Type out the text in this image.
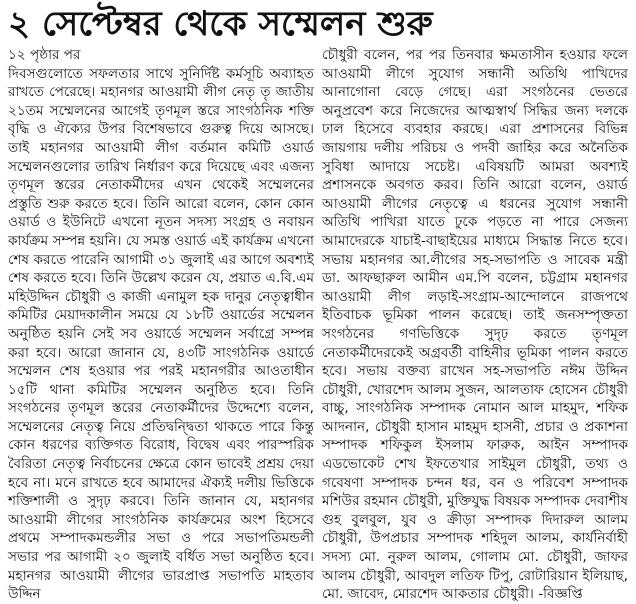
২ সেপ্টেম্বর থেকে সম্মেলন শুরু

১২ পৃষ্ঠার পর

দিবসগুলোতে সফলতার সাথে সুনির্দিষ্ট কর্মসূচি অব্যাহত রাখতে পেরেছে। মহানগর আওয়ামী লীগ নেতৃ তৃ জাতীয় ২১তম সম্মেলনের আগেই তৃণমূল স্তরে সাংগঠনিক শক্তি বৃদ্ধি ও ঐক্যের উপর বিশেষভাবে গুরুত্ব দিয়ে আসছে। তাই মহানগর আওয়ামী লীগ বর্তমান কমিটি ওয়ার্ড সম্মেলনগুলোর তারিখ নির্ধারণ করে দিয়েছে এবং এজন্য তৃণমূল স্তরের নেতাকর্মীদের এখন থেকেই সম্মেলনের প্রস্তুতি শুরু করতে হবে। তিনি আরো বলেন, কোন কোন ওয়ার্ড ও ইউনিটে এখনো নূতন সদস্য সংগ্রহ ও নবায়ন কার্যক্রম সম্পন্ন হয়নি। যে সমস্ত ওয়ার্ড এই কার্যক্রম এখনো শেষ করতে পারেনি আগামী ৩১ জুলাই এর আগে অবশ্যই শেষ করতে হবে। তিনি উল্লেখ করেন যে, প্রয়াত এ.বি.এম মহিউদ্দিন চৌধুরী ও কাজী এনামুল হক দানুর নেতৃত্বাধীন কমিটির মেয়াদকালীন সময়ে যে ১৮টি ওয়ার্ডের সম্মেলন অনুষ্ঠিত হয়নি সেই সব ওয়ার্ডে সম্মেলন সর্বাগ্রে সম্পন্ন করা হবে। আরো জানান যে, ৪৩টি সাংগঠনিক ওয়ার্ডে সম্মেলন শেষ হওয়ার পর পরই মহানগরীর আওতাধীন ১৫টি থানা কমিটির সম্মেলন অনুষ্ঠিত হবে। তিনি সংগঠনের তৃণমূল স্তরের নেতাকর্মীদের উদ্দেশ্যে বলেন, সম্মেলনের নেতৃত্ব নিয়ে প্রতিদ্বন্দ্বিতা থাকতে পারে কিন্তু কোন ধরণের ব্যক্তিগত বিরোধ, বিদ্বেষ এবং পারস্পরিক বৈরিতা নেতৃত্ব নির্বাচনের ক্ষেত্রে কোন ভাবেই প্রশ্রয় দেয়া হবে না। মনে রাখতে হবে আমাদের ঐক্যই দলীয় ভিত্তিকে শক্তিশালী ও সুদৃঢ় করবে। তিনি জানান যে, মহানগর আওয়ামী লীগের সাংগঠনিক কার্যক্রমের অংশ হিসেবে প্রথমে সম্পাদকমন্ডলীর সভা ও পরে সভাপতিমন্ডলী সভার পর আগামী ২০ জুলাই বর্ধিত সভা অনুষ্ঠিত হবে। মহানগর আওয়ামী লীগের ভারপ্রাপ্ত সভাপতি মাহতাব উদ্দিন

চৌধুরী বলেন, পর পর তিনবার ক্ষমতাসীন হওয়ার ফলে আওয়ামী লীগে সুযোগ সন্ধানী অতিথি পাখিদের আনাগোনা বেড়ে গেছে। এরা সংগঠনের ভেতরে অনুপ্রবেশ করে নিজেদের আত্মস্বার্থ সিদ্ধির জন্য দলকে ঢাল হিসেবে ব্যবহার করছে। এরা প্রশাসনের বিভিন্ন জায়গায় দলীয় পরিচয় ও পদবী জাহির করে অনৈতিক সুবিধা আদায়ে সচেষ্ট। এবিষয়টি আমরা অবশ্যই প্রশাসনকে অবগত করব। তিনি আরো বলেন, ওয়ার্ড আওয়ামী লীগের নেতৃত্বে এ ধরনের সুযোগ সন্ধানী অতিথি পাখিরা যাতে ঢুকে পড়তে না পারে সেজন্য আমাদেরকে যাচাই-বাছাইয়ের মাধ্যমে সিদ্ধান্ত নিতে হবে। সভায় মহানগর আ.লীগের সহ-সভাপতি ও সাবেক মন্ত্রী ডা. আফছারুল আমীন এম.পি বলেন, চট্টগ্রাম মহানগর আওয়ামী লীগ লড়াই-সংগ্রাম-আন্দোলনে রাজপথে ইতিবাচক ভূমিকা পালন করেছে। তাই জনসম্পৃক্ততা সংগঠনের গণভিত্তিকে সুদৃঢ় করতে তৃণমূল নেতাকর্মীদেরকেই অগ্রবর্তী বাহিনীর ভূমিকা পালন করতে হবে। সভায় বক্তব্য রাখেন সহ-সভাপতি নঈম উদ্দিন চৌধুরী, খোরশেদ আলম সুজন, আলতাফ হোসেন চৌধুরী বাচ্চু, সাংগঠনিক সম্পাদক নোমান আল মাহমুদ, শফিক আদনান, চৌধুরী হাসান মাহমুদ হাসনী, প্রচার ও প্রকাশনা সম্পাদক শফিকুল ইসলাম ফারুক, আইন সম্পাদক এডভোকেট শেখ ইফতেখার সাইমুল চৌধুরী, তথ্য ও গবেষণা সম্পাদক চন্দন ধর, বন ও পরিবেশ সম্পাদক মশিউর রহমান চৌধুরী, মুক্তিযুদ্ধ বিষয়ক সম্পাদক দেবাশীষ গুহ বুলবুল, যুব ও ক্রীড়া সম্পাদক দিদারুল আলম চৌধুরী, উপপ্রচার সম্পাদক শহিদুল আলম, কার্যনির্বাহী সদস্য মো. নুরুল আলম, গোলাম মো. চৌধুরী, জাফর আলম চৌধুরী, আবদুল লতিফ টিপু, রোটারিয়ান ইলিয়াছ, মো. জাবেদ, মোরশেদ আকতার চৌধুরী। -বিজ্ঞপ্তি
